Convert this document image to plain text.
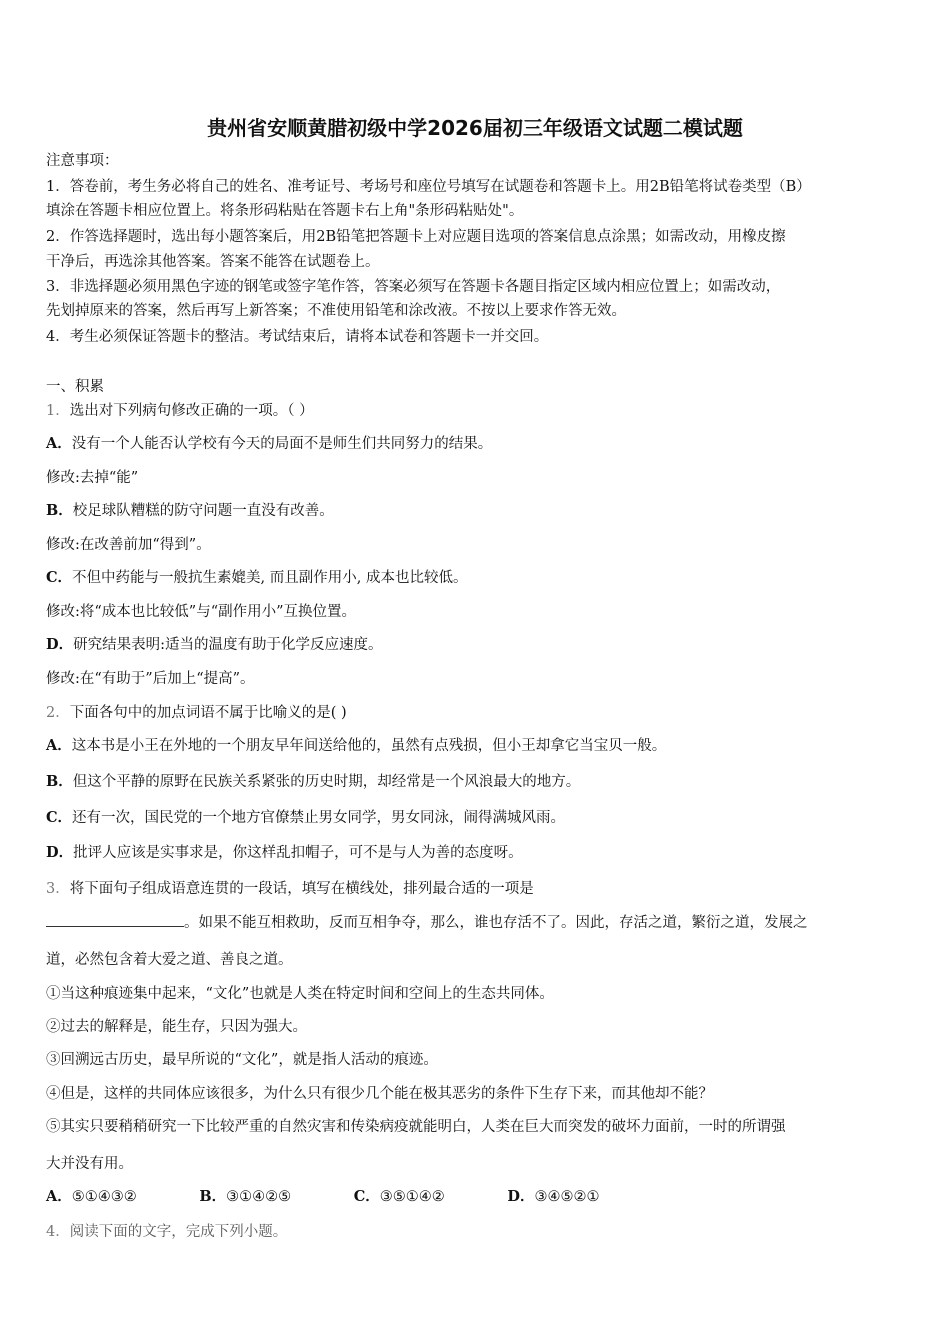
贵州省安顺黄腊初级中学2026届初三年级语文试题二模试题
注意事项：
1．答卷前，考生务必将自己的姓名、准考证号、考场号和座位号填写在试题卷和答题卡上。用2B铅笔将试卷类型（B）
填涂在答题卡相应位置上。将条形码粘贴在答题卡右上角"条形码粘贴处"。
2．作答选择题时，选出每小题答案后，用2B铅笔把答题卡上对应题目选项的答案信息点涂黑；如需改动，用橡皮擦
干净后，再选涂其他答案。答案不能答在试题卷上。
3．非选择题必须用黑色字迹的钢笔或签字笔作答，答案必须写在答题卡各题目指定区域内相应位置上；如需改动，
先划掉原来的答案，然后再写上新答案；不准使用铅笔和涂改液。不按以上要求作答无效。
4．考生必须保证答题卡的整洁。考试结束后，请将本试卷和答题卡一并交回。
一、积累
1．选出对下列病句修改正确的一项。（ ）
A．没有一个人能否认学校有今天的局面不是师生们共同努力的结果。
修改:去掉“能”
B．校足球队糟糕的防守问题一直没有改善。
修改:在改善前加“得到”。
C．不但中药能与一般抗生素媲美, 而且副作用小, 成本也比较低。
修改:将“成本也比较低”与“副作用小”互换位置。
D．研究结果表明:适当的温度有助于化学反应速度。
修改:在“有助于”后加上“提高”。
2．下面各句中的加点词语不属于比喻义的是( )
A．这本书是小王在外地的一个朋友早年间送给他的，虽然有点残损，但小王却拿它当宝贝一般。
B．但这个平静的原野在民族关系紧张的历史时期，却经常是一个风浪最大的地方。
C．还有一次，国民党的一个地方官僚禁止男女同学，男女同泳，闹得满城风雨。
D．批评人应该是实事求是，你这样乱扣帽子，可不是与人为善的态度呀。
3．将下面句子组成语意连贯的一段话，填写在横线处，排列最合适的一项是
。如果不能互相救助，反而互相争夺，那么，谁也存活不了。因此，存活之道，繁衍之道，发展之
道，必然包含着大爱之道、善良之道。
①当这种痕迹集中起来，“文化”也就是人类在特定时间和空间上的生态共同体。
②过去的解释是，能生存，只因为强大。
③回溯远古历史，最早所说的“文化”，就是指人活动的痕迹。
④但是，这样的共同体应该很多，为什么只有很少几个能在极其恶劣的条件下生存下来，而其他却不能？
⑤其实只要稍稍研究一下比较严重的自然灾害和传染病疫就能明白，人类在巨大而突发的破坏力面前，一时的所谓强
大并没有用。
A．⑤①④③②	B．③①④②⑤	C．③⑤①④②	D．③④⑤②①
4．阅读下面的文字，完成下列小题。
